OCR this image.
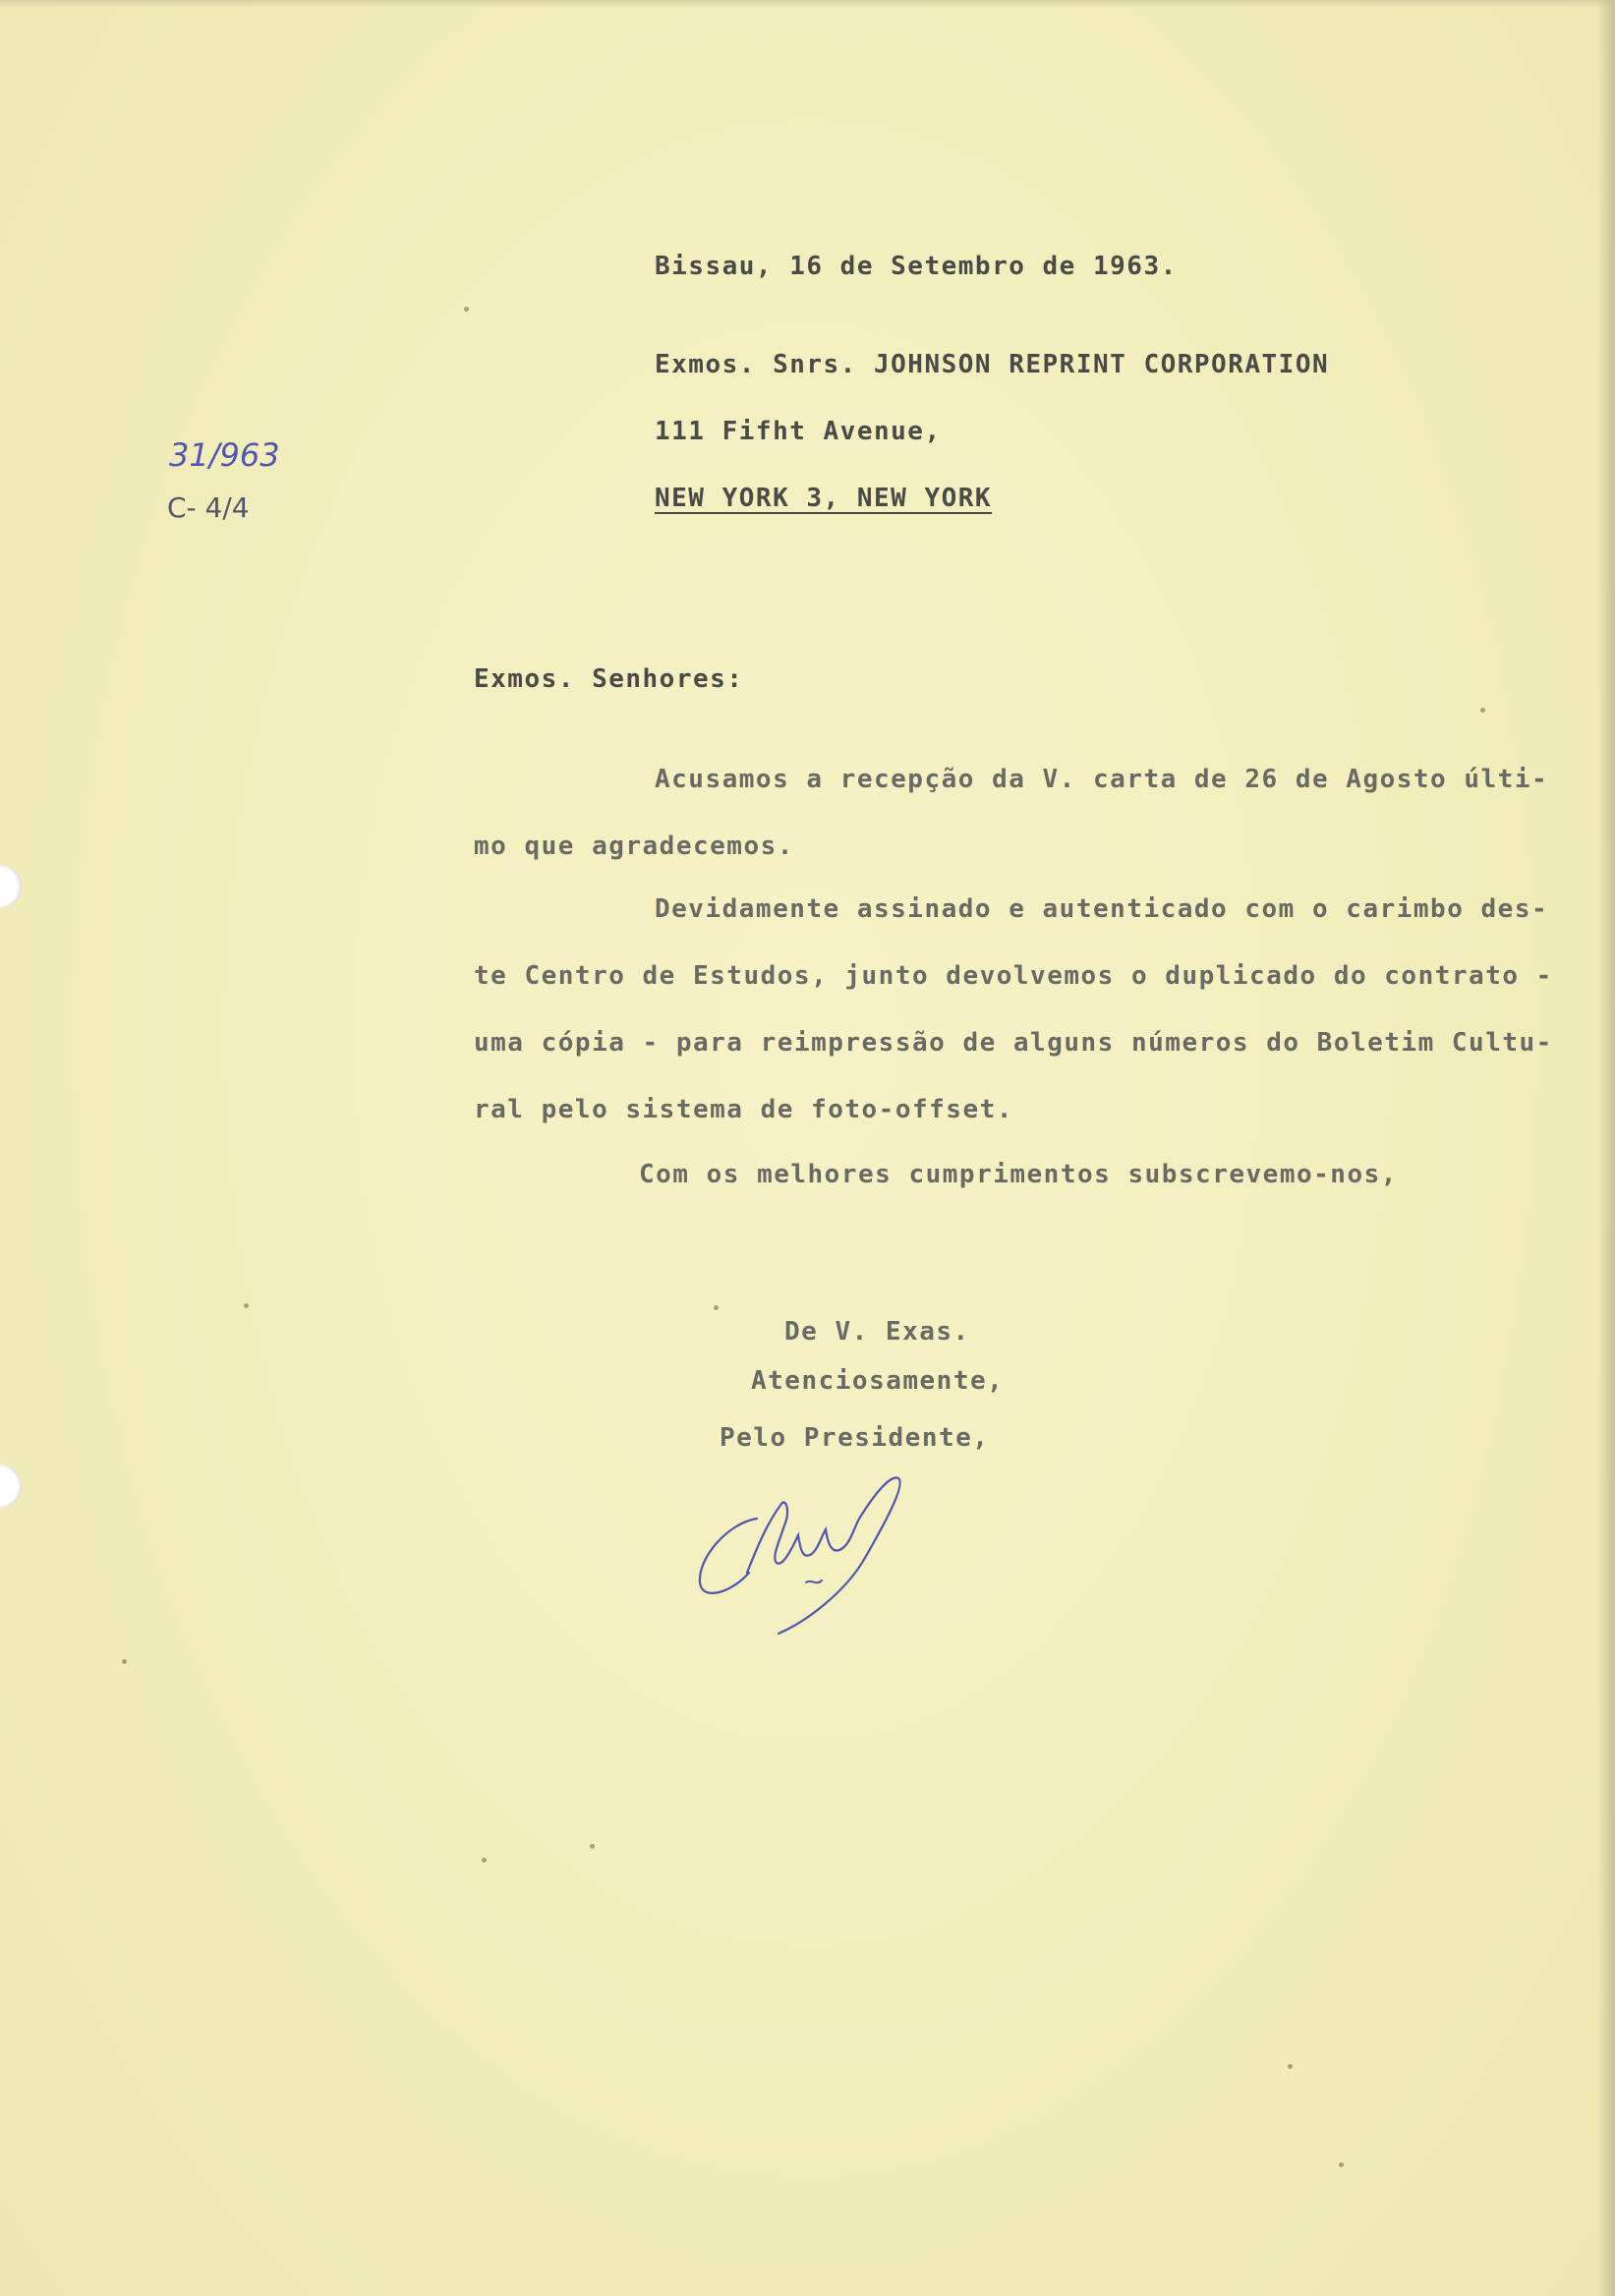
31/963
C- 4/4
Bissau, 16 de Setembro de 1963.
Exmos. Snrs. JOHNSON REPRINT CORPORATION
111 Fifht Avenue,
NEW YORK 3, NEW YORK
Exmos. Senhores:
Acusamos a recepção da V. carta de 26 de Agosto últi-
mo que agradecemos.
Devidamente assinado e autenticado com o carimbo des-
te Centro de Estudos, junto devolvemos o duplicado do contrato -
uma cópia - para reimpressão de alguns números do Boletim Cultu-
ral pelo sistema de foto-offset.
Com os melhores cumprimentos subscrevemo-nos,
De V. Exas.
Atenciosamente,
Pelo Presidente,
